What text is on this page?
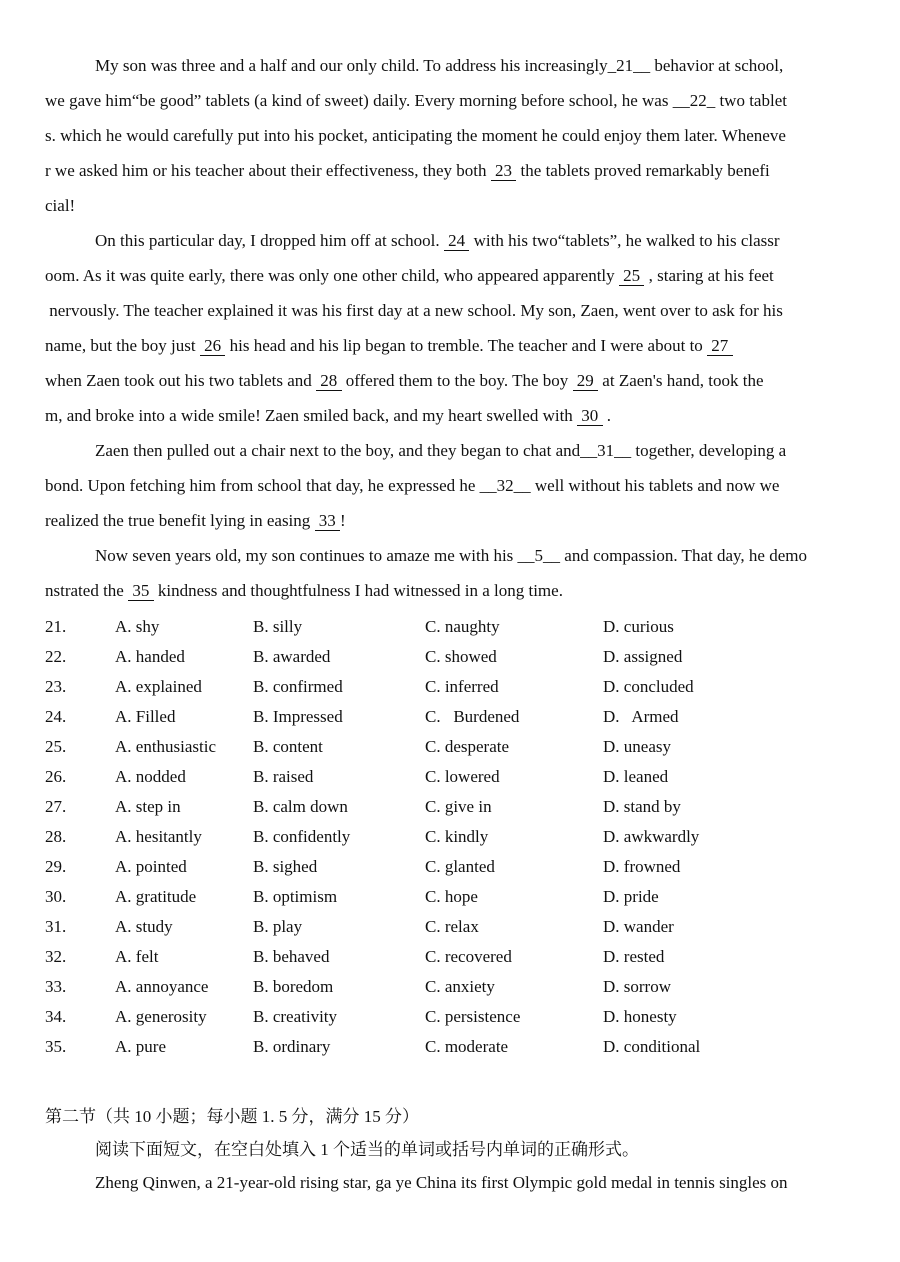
My son was three and a half and our only child. To address his increasingly_21__ behavior at school,
we gave him“be good” tablets (a kind of sweet) daily. Every morning before school, he was __22_ two tablet
s. which he would carefully put into his pocket, anticipating the moment he could enjoy them later. Wheneve
r we asked him or his teacher about their effectiveness, they both  23  the tablets proved remarkably benefi
cial!
On this particular day, I dropped him off at school.  24  with his two“tablets”, he walked to his classr
oom. As it was quite early, there was only one other child, who appeared apparently  25  , staring at his feet
nervously. The teacher explained it was his first day at a new school. My son, Zaen, went over to ask for his
name, but the boy just  26  his head and his lip began to tremble. The teacher and I were about to  27
when Zaen took out his two tablets and  28  offered them to the boy. The boy  29  at Zaen's hand, took the
m, and broke into a wide smile! Zaen smiled back, and my heart swelled with  30  .
Zaen then pulled out a chair next to the boy, and they began to chat and__31__ together, developing a
bond. Upon fetching him from school that day, he expressed he __32__ well without his tablets and now we
realized the true benefit lying in easing  33 !
Now seven years old, my son continues to amaze me with his __5__ and compassion. That day, he demo
nstrated the  35  kindness and thoughtfulness I had witnessed in a long time.
21.	A. shy	B. silly	C. naughty	D. curious
22.	A. handed	B. awarded	C. showed	D. assigned
23.	A. explained	B. confirmed	C. inferred	D. concluded
24.	A. Filled	B. Impressed	C.   Burdened	D.   Armed
25.	A. enthusiastic	B. content	C. desperate	D. uneasy
26.	A. nodded	B. raised	C. lowered	D. leaned
27.	A. step in	B. calm down	C. give in	D. stand by
28.	A. hesitantly	B. confidently	C. kindly	D. awkwardly
29.	A. pointed	B. sighed	C. glanted	D. frowned
30.	A. gratitude	B. optimism	C. hope	D. pride
31.	A. study	B. play	C. relax	D. wander
32.	A. felt	B. behaved	C. recovered	D. rested
33.	A. annoyance	B. boredom	C. anxiety	D. sorrow
34.	A. generosity	B. creativity	C. persistence	D. honesty
35.	A. pure	B. ordinary	C. moderate	D. conditional
第二节（共 10 小题；每小题 1. 5 分，满分 15 分）
阅读下面短文，在空白处填入 1 个适当的单词或括号内单词的正确形式。
Zheng Qinwen, a 21-year-old rising star, ga ye China its first Olympic gold medal in tennis singles on
